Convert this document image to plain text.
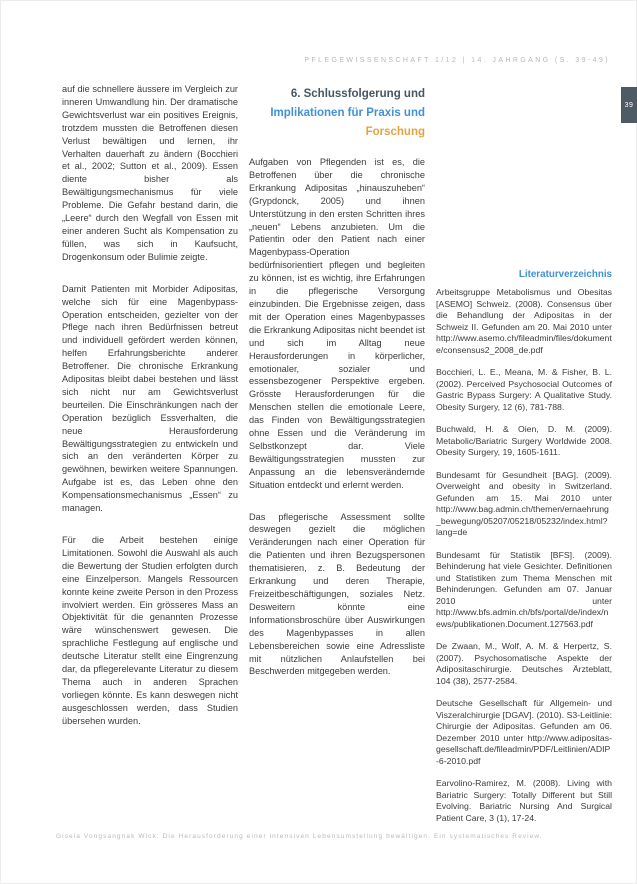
PFLEGEWISSENSCHAFT 1/12 | 14. JAHRGANG (S. 39-49)
39

auf die schnellere äussere im Vergleich zur inneren Umwandlung hin. Der dramatische Gewichtsverlust war ein positives Ereignis, trotzdem mussten die Betroffenen diesen Verlust bewältigen und lernen, ihr Verhalten dauerhaft zu ändern (Bocchieri et al., 2002; Sutton et al., 2009). Essen diente bisher als Bewältigungsmechanismus für viele Probleme. Die Gefahr bestand darin, die „Leere“ durch den Wegfall von Essen mit einer anderen Sucht als Kompensation zu füllen, was sich in Kaufsucht, Drogenkonsum oder Bulimie zeigte.

Damit Patienten mit Morbider Adipositas, welche sich für eine Magenbypass-Operation entscheiden, gezielter von der Pflege nach ihren Bedürfnissen betreut und individuell gefördert werden können, helfen Erfahrungsberichte anderer Betroffener. Die chronische Erkrankung Adipositas bleibt dabei bestehen und lässt sich nicht nur am Gewichtsverlust beurteilen. Die Einschränkungen nach der Operation bezüglich Essverhalten, die neue Herausforderung Bewältigungsstrategien zu entwickeln und sich an den veränderten Körper zu gewöhnen, bewirken weitere Spannungen. Aufgabe ist es, das Leben ohne den Kompensationsmechanismus „Essen“ zu managen.

Für die Arbeit bestehen einige Limitationen. Sowohl die Auswahl als auch die Bewertung der Studien erfolgten durch eine Einzelperson. Mangels Ressourcen konnte keine zweite Person in den Prozess involviert werden. Ein grösseres Mass an Objektivität für die genannten Prozesse wäre wünschenswert gewesen. Die sprachliche Festlegung auf englische und deutsche Literatur stellt eine Eingrenzung dar, da pflegerelevante Literatur zu diesem Thema auch in anderen Sprachen vorliegen könnte. Es kann deswegen nicht ausgeschlossen werden, dass Studien übersehen wurden.

6. Schlussfolgerung und
Implikationen für Praxis und
Forschung

Aufgaben von Pflegenden ist es, die Betroffenen über die chronische Erkrankung Adipositas „hinauszuheben“ (Grypdonck, 2005) und ihnen Unterstützung in den ersten Schritten ihres „neuen“ Lebens anzubieten. Um die Patientin oder den Patient nach einer Magenbypass-Operation bedürfnisorientiert pflegen und begleiten zu können, ist es wichtig, ihre Erfahrungen in die pflegerische Versorgung einzubinden. Die Ergebnisse zeigen, dass mit der Operation eines Magenbypasses die Erkrankung Adipositas nicht beendet ist und sich im Alltag neue Herausforderungen in körperlicher, emotionaler, sozialer und essensbezogener Perspektive ergeben. Grösste Herausforderungen für die Menschen stellen die emotionale Leere, das Finden von Bewältigungsstrategien ohne Essen und die Veränderung im Selbstkonzept dar. Viele Bewältigungsstrategien mussten zur Anpassung an die lebensverändernde Situation entdeckt und erlernt werden.

Das pflegerische Assessment sollte deswegen gezielt die möglichen Veränderungen nach einer Operation für die Patienten und ihren Bezugspersonen thematisieren, z. B. Bedeutung der Erkrankung und deren Therapie, Freizeitbeschäftigungen, soziales Netz. Desweitern könnte eine Informationsbroschüre über Auswirkungen des Magenbypasses in allen Lebensbereichen sowie eine Adressliste mit nützlichen Anlaufstellen bei Beschwerden mitgegeben werden.

Literaturverzeichnis

Arbeitsgruppe Metabolismus und Obesitas [ASEMO] Schweiz. (2008). Consensus über die Behandlung der Adipositas in der Schweiz II. Gefunden am 20. Mai 2010 unter http://www.asemo.ch/fileadmin/files/dokumente/consensus2_2008_de.pdf

Bocchieri, L. E., Meana, M. & Fisher, B. L. (2002). Perceived Psychosocial Outcomes of Gastric Bypass Surgery: A Qualitative Study. Obesity Surgery, 12 (6), 781-788.

Buchwald, H. & Oien, D. M. (2009). Metabolic/Bariatric Surgery Worldwide 2008. Obesity Surgery, 19, 1605-1611.

Bundesamt für Gesundheit [BAG]. (2009). Overweight and obesity in Switzerland. Gefunden am 15. Mai 2010 unter http://www.bag.admin.ch/themen/ernaehrung_bewegung/05207/05218/05232/index.html?lang=de

Bundesamt für Statistik [BFS]. (2009). Behinderung hat viele Gesichter. Definitionen und Statistiken zum Thema Menschen mit Behinderungen. Gefunden am 07. Januar 2010 unter http://www.bfs.admin.ch/bfs/portal/de/index/news/publikationen.Document.127563.pdf

De Zwaan, M., Wolf, A. M. & Herpertz, S. (2007). Psychosomatische Aspekte der Adipositaschirurgie. Deutsches Ärzteblatt, 104 (38), 2577-2584.

Deutsche Gesellschaft für Allgemein- und Viszeralchirurgie [DGAV]. (2010). S3-Leitlinie: Chirurgie der Adipositas. Gefunden am 06. Dezember 2010 unter http://www.adipositas-gesellschaft.de/fileadmin/PDF/Leitlinien/ADIP-6-2010.pdf

Earvolino-Ramirez, M. (2008). Living with Bariatric Surgery: Totally Different but Still Evolving. Bariatric Nursing And Surgical Patient Care, 3 (1), 17-24.

Gisela Vongsangnak Wick: Die Herausforderung einer intensiven Lebensumstellung bewältigen. Ein systematisches Review.
